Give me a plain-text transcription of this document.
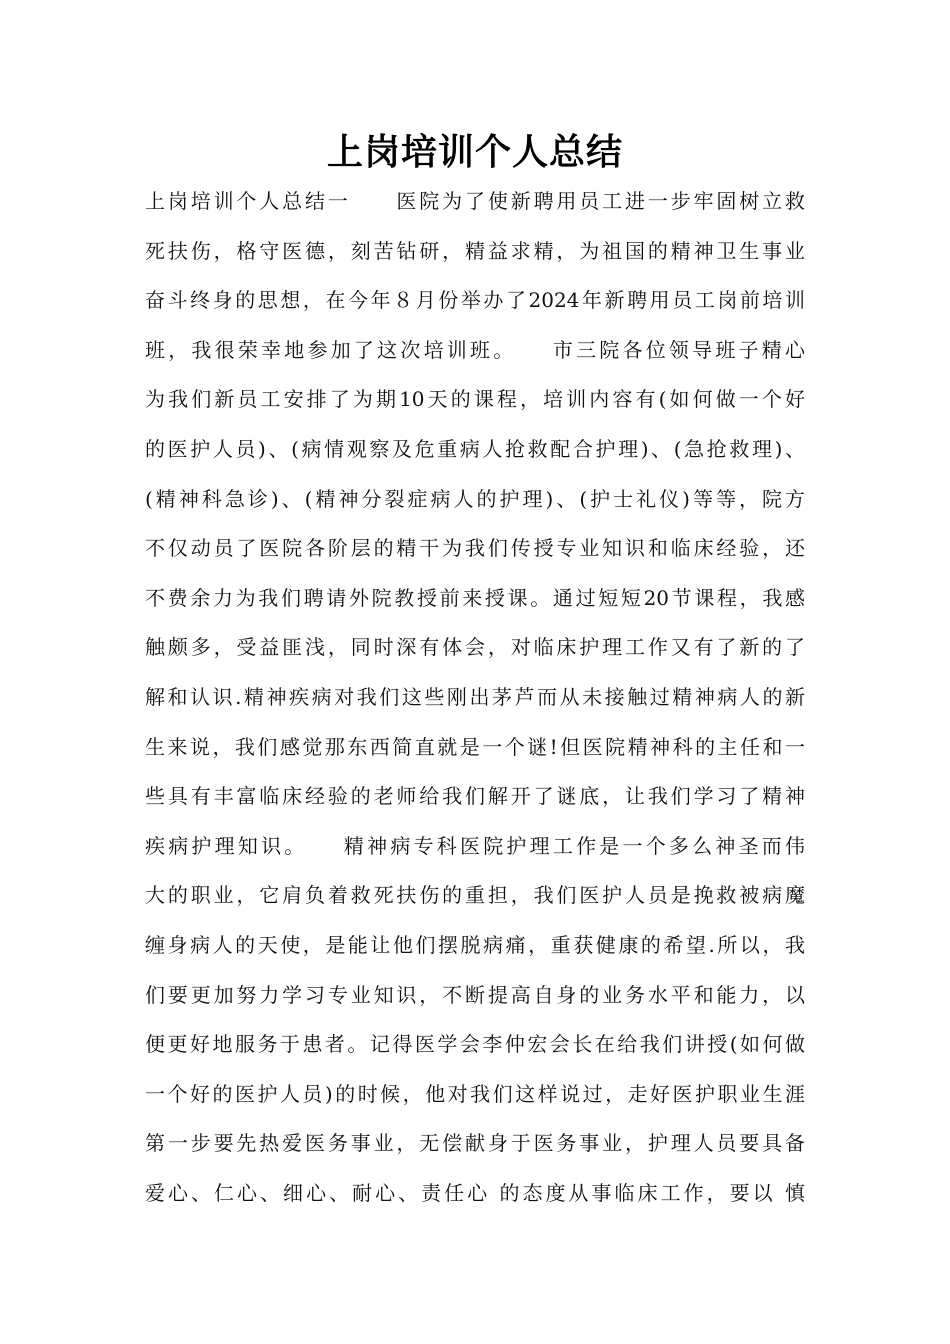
上岗培训个人总结
上岗培训个人总结一　　医院为了使新聘用员工进一步牢固树立救
死扶伤，格守医德，刻苦钻研，精益求精，为祖国的精神卫生事业
奋斗终身的思想，在今年８月份举办了2024年新聘用员工岗前培训
班，我很荣幸地参加了这次培训班。　　市三院各位领导班子精心
为我们新员工安排了为期10天的课程，培训内容有(如何做一个好
的医护人员)、(病情观察及危重病人抢救配合护理)、(急抢救理)、
(精神科急诊)、(精神分裂症病人的护理)、(护士礼仪)等等，院方
不仅动员了医院各阶层的精干为我们传授专业知识和临床经验，还
不费余力为我们聘请外院教授前来授课。通过短短20节课程，我感
触颇多，受益匪浅，同时深有体会，对临床护理工作又有了新的了
解和认识.精神疾病对我们这些刚出茅芦而从未接触过精神病人的新
生来说，我们感觉那东西简直就是一个谜!但医院精神科的主任和一
些具有丰富临床经验的老师给我们解开了谜底，让我们学习了精神
疾病护理知识。　　精神病专科医院护理工作是一个多么神圣而伟
大的职业，它肩负着救死扶伤的重担，我们医护人员是挽救被病魔
缠身病人的天使，是能让他们摆脱病痛，重获健康的希望.所以，我
们要更加努力学习专业知识，不断提高自身的业务水平和能力，以
便更好地服务于患者。记得医学会李仲宏会长在给我们讲授(如何做
一个好的医护人员)的时候，他对我们这样说过，走好医护职业生涯
第一步要先热爱医务事业，无偿献身于医务事业，护理人员要具备
爱心、仁心、细心、耐心、责任心 的态度从事临床工作，要以 慎
